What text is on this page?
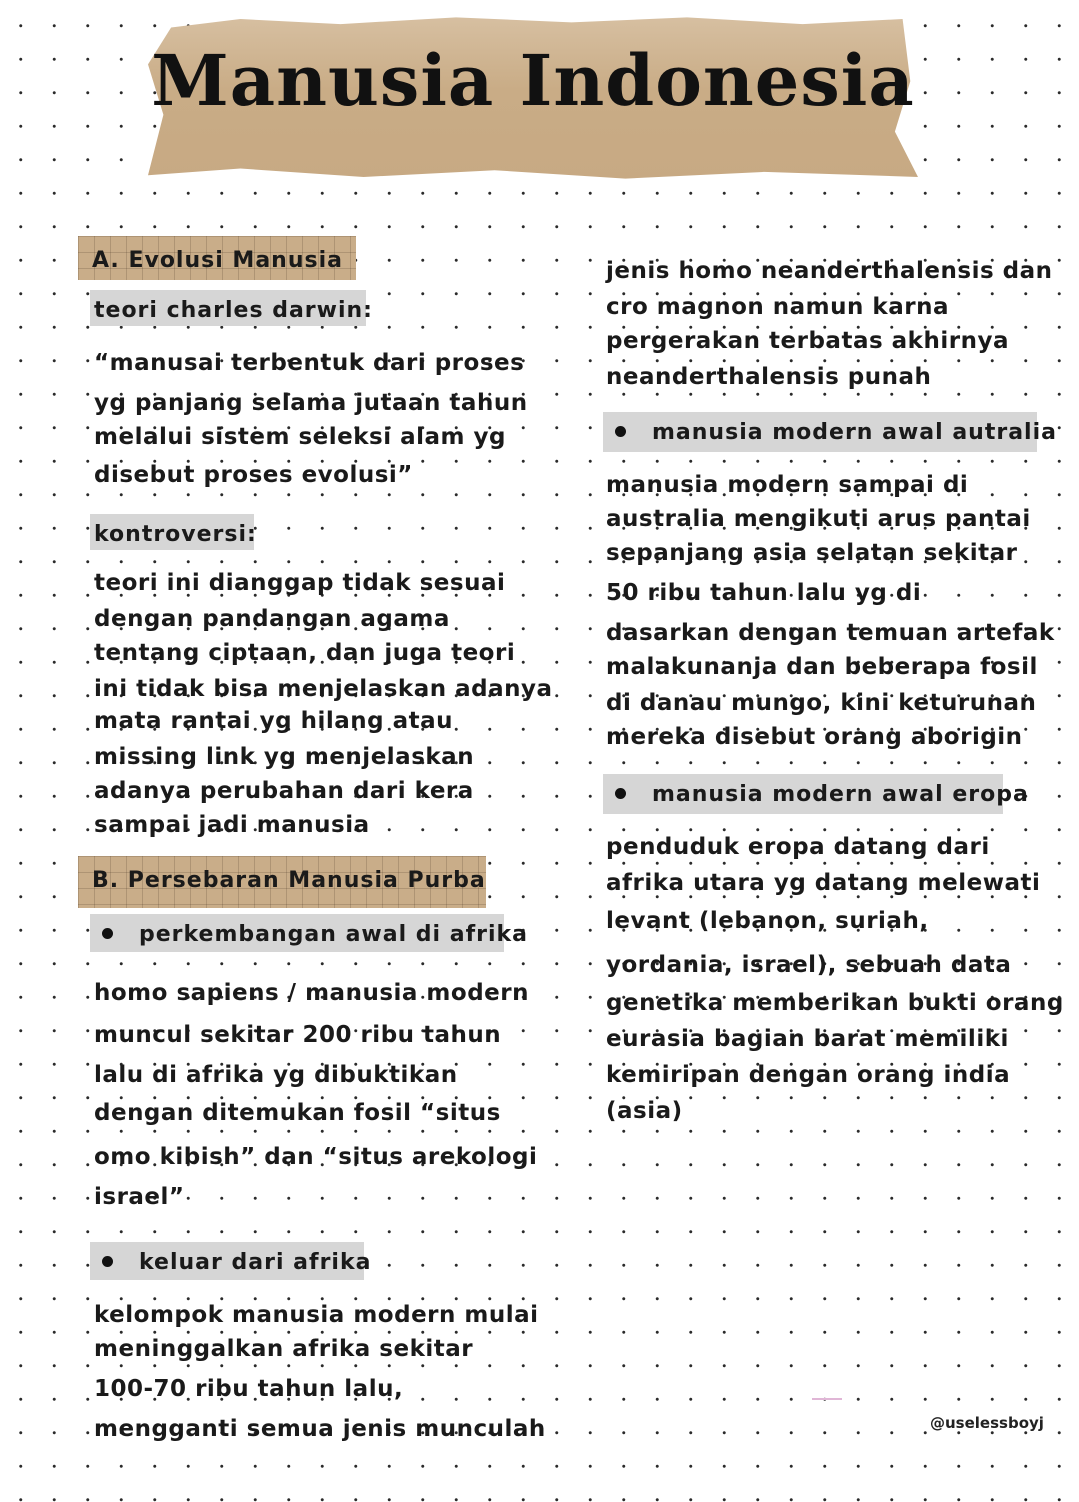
Manusia Indonesia
A. Evolusi Manusia
teori charles darwin:

“manusai terbentuk dari proses

yg panjang selama jutaan tahun

melalui sistem seleksi alam yg

disebut proses evolusi”

kontroversi:

teori ini dianggap tidak sesuai

dengan pandangan agama

tentang ciptaan, dan juga teori

ini tidak bisa menjelaskan adanya

mata rantai yg hilang atau

missing link yg menjelaskan

adanya perubahan dari kera

sampai jadi manusia

B. Persebaran Manusia Purba
perkembangan awal di afrika

homo sapiens / manusia modern

muncul sekitar 200 ribu tahun

lalu di afrika yg dibuktikan

dengan ditemukan fosil “situs

omo kibish” dan “situs arekologi

israel”

keluar dari afrika

kelompok manusia modern mulai

meninggalkan afrika sekitar

100-70 ribu tahun lalu,

mengganti semua jenis munculah

jenis homo neanderthalensis dan

cro magnon namun karna

pergerakan terbatas akhirnya

neanderthalensis punah

manusia modern awal autralia

manusia modern sampai di

australia mengikuti arus pantai

sepanjang asia selatan sekitar

50 ribu tahun lalu yg di

dasarkan dengan temuan artefak

malakunanja dan beberapa fosil

di danau mungo, kini keturunan

mereka disebut orang aborigin

manusia modern awal eropa

penduduk eropa datang dari

afrika utara yg datang melewati

levant (lebanon, suriah,

yordania, israel), sebuah data

genetika memberikan bukti orang

eurasia bagian barat memiliki

kemiripan dengan orang india

(asia)

@uselessboyj
